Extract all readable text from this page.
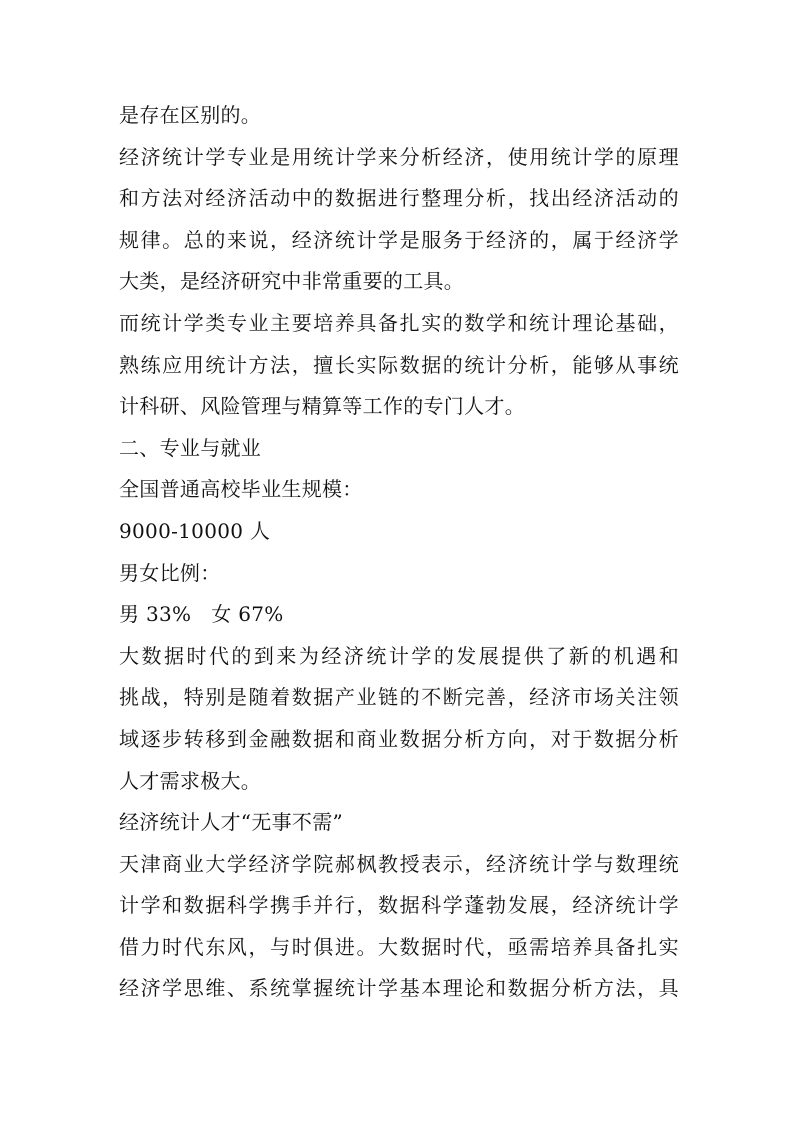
是存在区别的。
经济统计学专业是用统计学来分析经济，使用统计学的原理
和方法对经济活动中的数据进行整理分析，找出经济活动的
规律。总的来说，经济统计学是服务于经济的，属于经济学
大类，是经济研究中非常重要的工具。
而统计学类专业主要培养具备扎实的数学和统计理论基础，
熟练应用统计方法，擅长实际数据的统计分析，能够从事统
计科研、风险管理与精算等工作的专门人才。
二、专业与就业
全国普通高校毕业生规模：
9000-10000 人
男女比例：
男 33%   女 67%
大数据时代的到来为经济统计学的发展提供了新的机遇和
挑战，特别是随着数据产业链的不断完善，经济市场关注领
域逐步转移到金融数据和商业数据分析方向，对于数据分析
人才需求极大。
经济统计人才“无事不需”
天津商业大学经济学院郝枫教授表示，经济统计学与数理统
计学和数据科学携手并行，数据科学蓬勃发展，经济统计学
借力时代东风，与时俱进。大数据时代，亟需培养具备扎实
经济学思维、系统掌握统计学基本理论和数据分析方法，具
